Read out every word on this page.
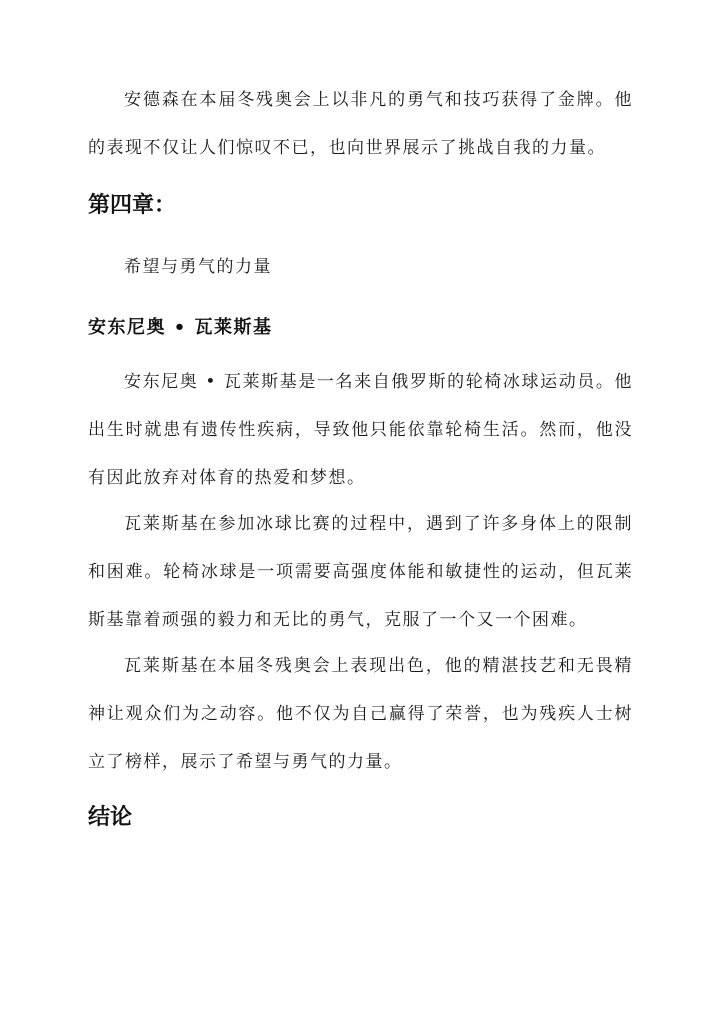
安德森在本届冬残奥会上以非凡的勇气和技巧获得了金牌。他的表现不仅让人们惊叹不已，也向世界展示了挑战自我的力量。

第四章：

希望与勇气的力量

安东尼奥 • 瓦莱斯基

安东尼奥 • 瓦莱斯基是一名来自俄罗斯的轮椅冰球运动员。他出生时就患有遗传性疾病，导致他只能依靠轮椅生活。然而，他没有因此放弃对体育的热爱和梦想。

瓦莱斯基在参加冰球比赛的过程中，遇到了许多身体上的限制和困难。轮椅冰球是一项需要高强度体能和敏捷性的运动，但瓦莱斯基靠着顽强的毅力和无比的勇气，克服了一个又一个困难。

瓦莱斯基在本届冬残奥会上表现出色，他的精湛技艺和无畏精神让观众们为之动容。他不仅为自己赢得了荣誉，也为残疾人士树立了榜样，展示了希望与勇气的力量。

结论
